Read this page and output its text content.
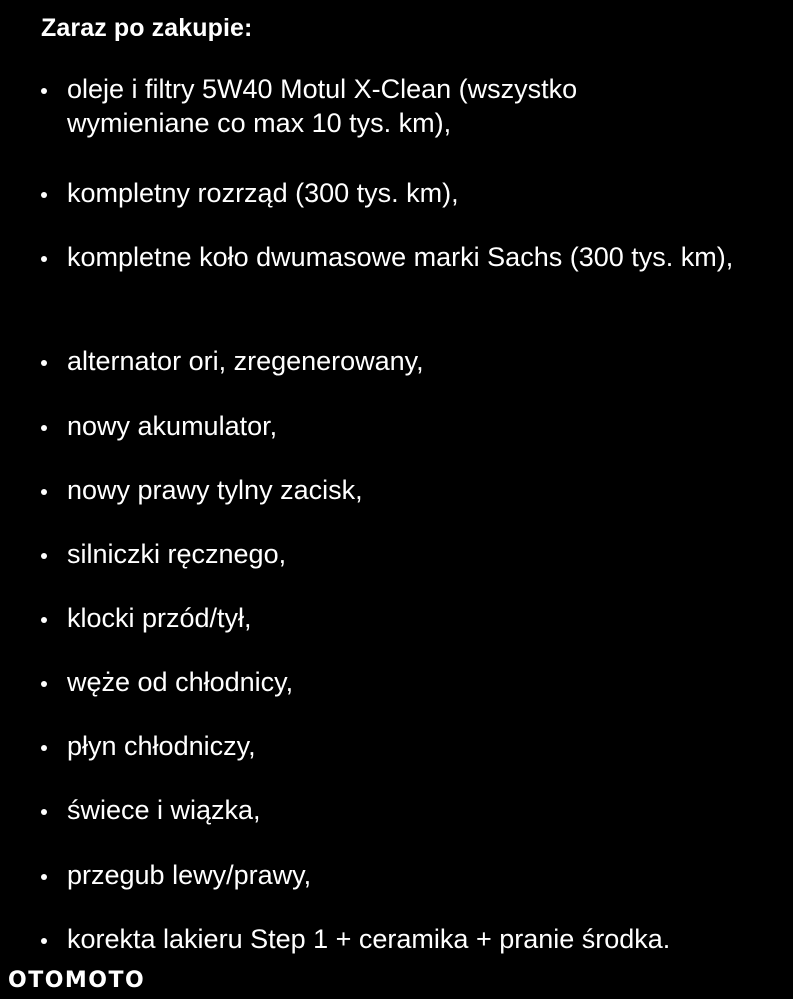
Zaraz po zakupie:
oleje i filtry 5W40 Motul X-Clean (wszystko wymieniane co max 10 tys. km),
kompletny rozrząd (300 tys. km),
kompletne koło dwumasowe marki Sachs (300 tys. km),
alternator ori, zregenerowany,
nowy akumulator,
nowy prawy tylny zacisk,
silniczki ręcznego,
klocki przód/tył,
węże od chłodnicy,
płyn chłodniczy,
świece i wiązka,
przegub lewy/prawy,
korekta lakieru Step 1 + ceramika + pranie środka.
OTOMOTO
